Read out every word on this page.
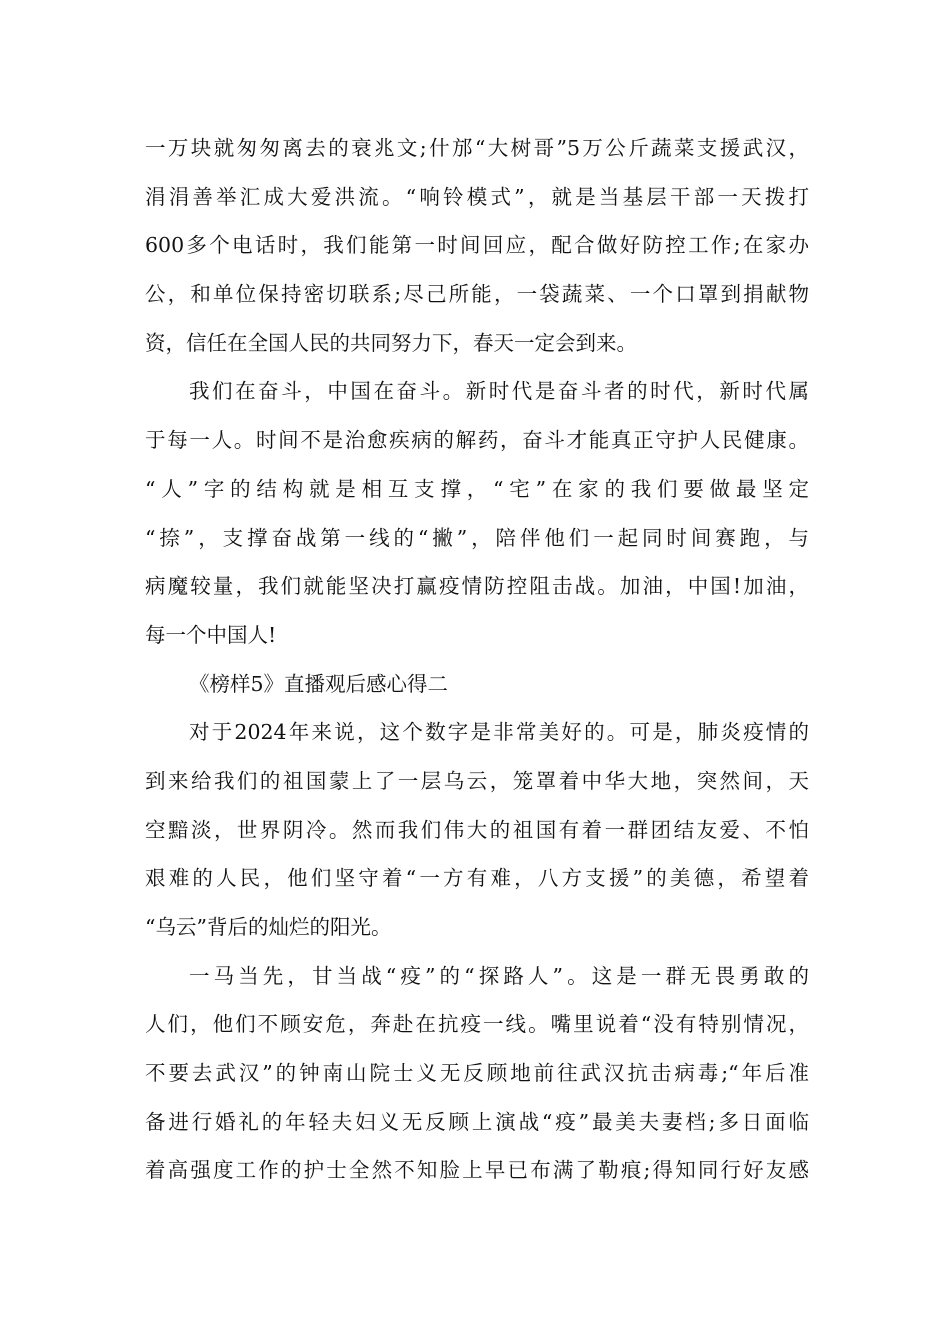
一万块就匆匆离去的衰兆文;什邡“大树哥”5万公斤蔬菜支援武汉，
涓涓善举汇成大爱洪流。“响铃模式”，就是当基层干部一天拨打
600多个电话时，我们能第一时间回应，配合做好防控工作;在家办
公，和单位保持密切联系;尽己所能，一袋蔬菜、一个口罩到捐献物
资，信任在全国人民的共同努力下，春天一定会到来。
我们在奋斗，中国在奋斗。新时代是奋斗者的时代，新时代属
于每一人。时间不是治愈疾病的解药，奋斗才能真正守护人民健康。
“人”字的结构就是相互支撑，“宅”在家的我们要做最坚定
“捺”，支撑奋战第一线的“撇”，陪伴他们一起同时间赛跑，与
病魔较量，我们就能坚决打赢疫情防控阻击战。加油，中国!加油，
每一个中国人!
《榜样5》直播观后感心得二
对于2024年来说，这个数字是非常美好的。可是，肺炎疫情的
到来给我们的祖国蒙上了一层乌云，笼罩着中华大地，突然间，天
空黯淡，世界阴冷。然而我们伟大的祖国有着一群团结友爱、不怕
艰难的人民，他们坚守着“一方有难，八方支援”的美德，希望着
“乌云”背后的灿烂的阳光。
一马当先，甘当战“疫”的“探路人”。这是一群无畏勇敢的
人们，他们不顾安危，奔赴在抗疫一线。嘴里说着“没有特别情况，
不要去武汉”的钟南山院士义无反顾地前往武汉抗击病毒;“年后准
备进行婚礼的年轻夫妇义无反顾上演战“疫”最美夫妻档;多日面临
着高强度工作的护士全然不知脸上早已布满了勒痕;得知同行好友感
